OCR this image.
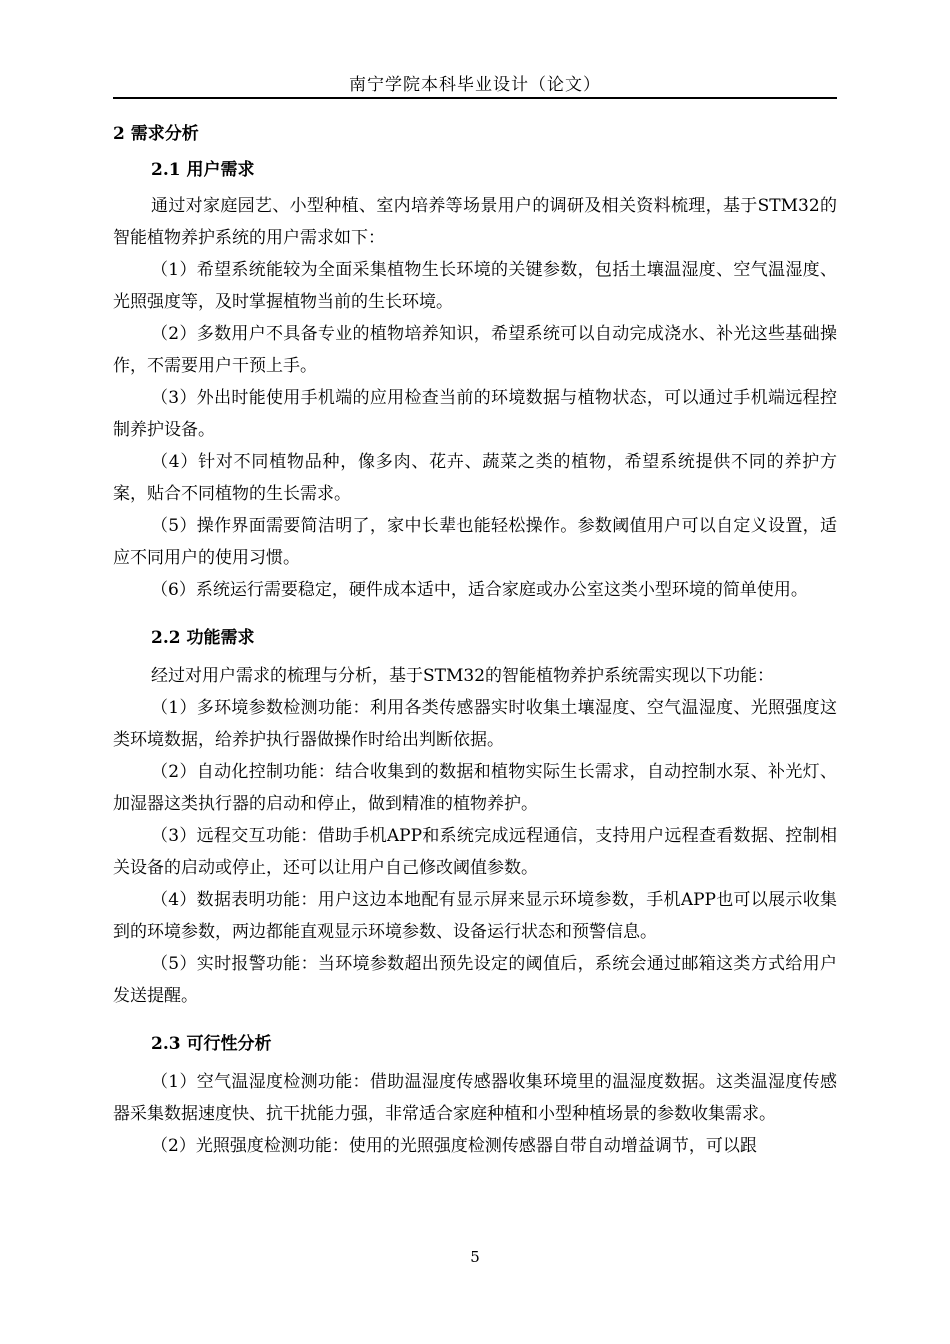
南宁学院本科毕业设计（论文）
2 需求分析
2.1 用户需求

通过对家庭园艺、小型种植、室内培养等场景用户的调研及相关资料梳理，基于STM32的智能植物养护系统的用户需求如下：

（1）希望系统能较为全面采集植物生长环境的关键参数，包括土壤温湿度、空气温湿度、光照强度等，及时掌握植物当前的生长环境。

（2）多数用户不具备专业的植物培养知识，希望系统可以自动完成浇水、补光这些基础操作，不需要用户干预上手。

（3）外出时能使用手机端的应用检查当前的环境数据与植物状态，可以通过手机端远程控制养护设备。

（4）针对不同植物品种，像多肉、花卉、蔬菜之类的植物，希望系统提供不同的养护方案，贴合不同植物的生长需求。

（5）操作界面需要简洁明了，家中长辈也能轻松操作。参数阈值用户可以自定义设置，适应不同用户的使用习惯。

（6）系统运行需要稳定，硬件成本适中，适合家庭或办公室这类小型环境的简单使用。

2.2 功能需求

经过对用户需求的梳理与分析，基于STM32的智能植物养护系统需实现以下功能：

（1）多环境参数检测功能：利用各类传感器实时收集土壤湿度、空气温湿度、光照强度这类环境数据，给养护执行器做操作时给出判断依据。

（2）自动化控制功能：结合收集到的数据和植物实际生长需求，自动控制水泵、补光灯、加湿器这类执行器的启动和停止，做到精准的植物养护。

（3）远程交互功能：借助手机APP和系统完成远程通信，支持用户远程查看数据、控制相关设备的启动或停止，还可以让用户自己修改阈值参数。

（4）数据表明功能：用户这边本地配有显示屏来显示环境参数，手机APP也可以展示收集到的环境参数，两边都能直观显示环境参数、设备运行状态和预警信息。

（5）实时报警功能：当环境参数超出预先设定的阈值后，系统会通过邮箱这类方式给用户发送提醒。

2.3 可行性分析

（1）空气温湿度检测功能：借助温湿度传感器收集环境里的温湿度数据。这类温湿度传感器采集数据速度快、抗干扰能力强，非常适合家庭种植和小型种植场景的参数收集需求。

（2）光照强度检测功能：使用的光照强度检测传感器自带自动增益调节，可以跟

5
